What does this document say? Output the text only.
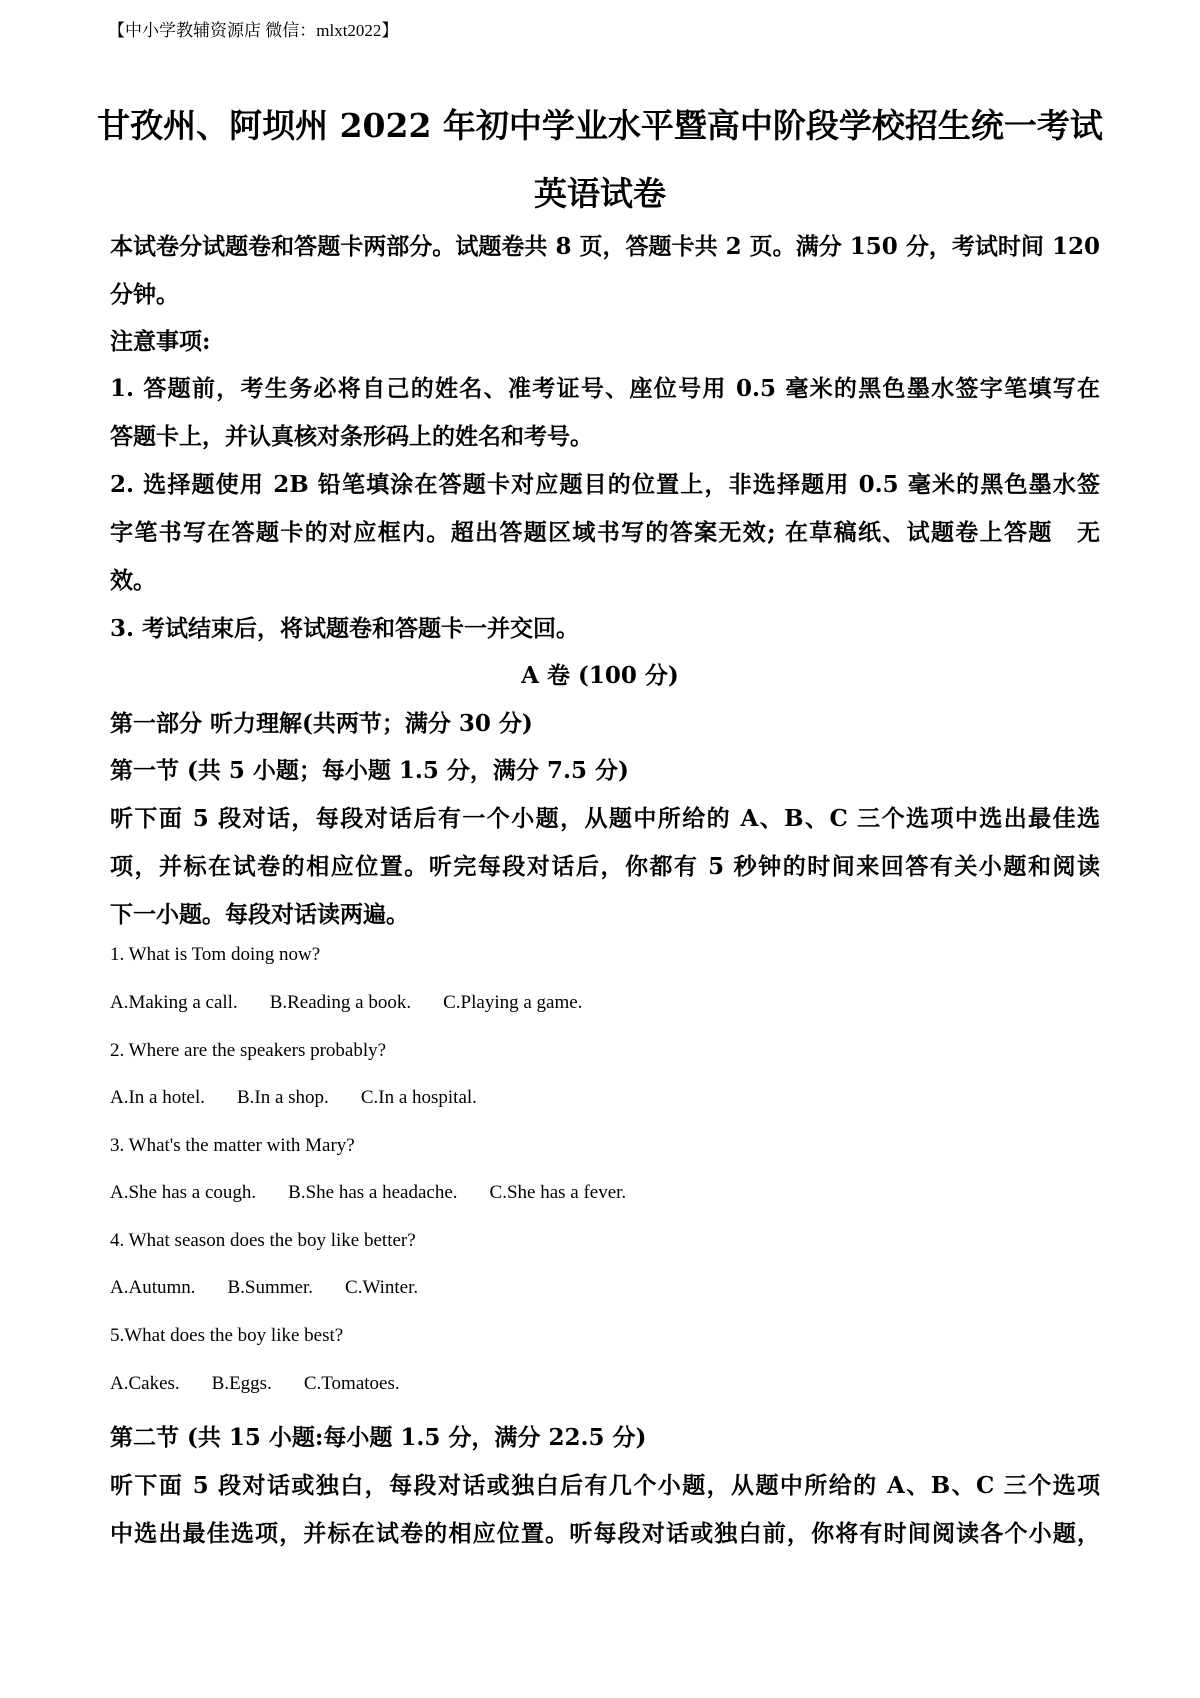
【中小学教辅资源店 微信：mlxt2022】
甘孜州、阿坝州 2022 年初中学业水平暨高中阶段学校招生统一考试
英语试卷
本试卷分试题卷和答题卡两部分。试题卷共 8 页，答题卡共 2 页。满分 150 分，考试时间 120
分钟。
注意事项:
1. 答题前，考生务必将自己的姓名、准考证号、座位号用 0.5 毫米的黑色墨水签字笔填写在
答题卡上，并认真核对条形码上的姓名和考号。
2. 选择题使用 2B 铅笔填涂在答题卡对应题目的位置上，非选择题用 0.5 毫米的黑色墨水签
字笔书写在答题卡的对应框内。超出答题区域书写的答案无效; 在草稿纸、试题卷上答题　无
效。
3. 考试结束后，将试题卷和答题卡一并交回。
A 卷 (100 分)
第一部分 听力理解(共两节；满分 30 分)
第一节 (共 5 小题；每小题 1.5 分，满分 7.5 分)
听下面 5 段对话，每段对话后有一个小题，从题中所给的 A、B、C 三个选项中选出最佳选
项，并标在试卷的相应位置。听完每段对话后，你都有 5 秒钟的时间来回答有关小题和阅读
下一小题。每段对话读两遍。
1. What is Tom doing now?
A.Making a call. B.Reading a book. C.Playing a game.
2. Where are the speakers probably?
A.In a hotel. B.In a shop. C.In a hospital.
3. What's the matter with Mary?
A.She has a cough. B.She has a headache. C.She has a fever.
4. What season does the boy like better?
A.Autumn. B.Summer. C.Winter.
5.What does the boy like best?
A.Cakes. B.Eggs. C.Tomatoes.
第二节 (共 15 小题:每小题 1.5 分，满分 22.5 分)
听下面 5 段对话或独白，每段对话或独白后有几个小题，从题中所给的 A、B、C 三个选项
中选出最佳选项，并标在试卷的相应位置。听每段对话或独白前，你将有时间阅读各个小题，
